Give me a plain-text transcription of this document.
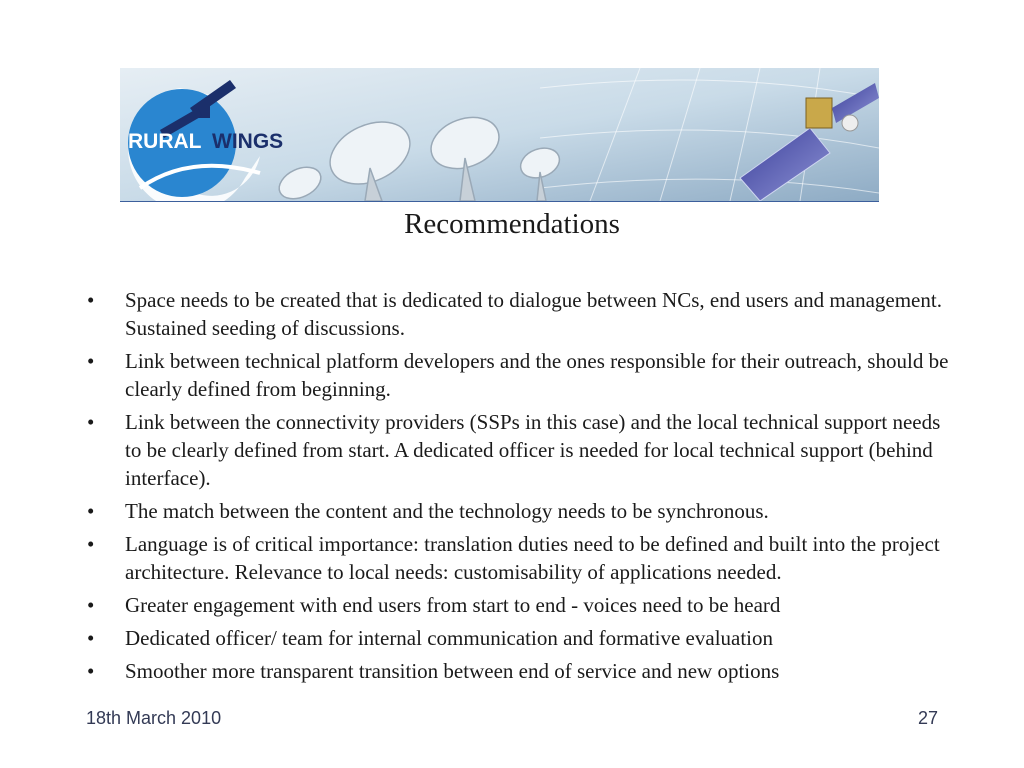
RURAL WINGS
Recommendations
•	Space needs to be created that is dedicated to dialogue between NCs, end users and management. Sustained seeding of discussions.
•	Link between technical platform developers and the ones responsible for their outreach, should be clearly defined from beginning.
•	Link between the connectivity providers (SSPs in this case) and the local technical support needs to be clearly defined from start. A dedicated officer is needed for local technical support (behind interface).
•	The match between the content and the technology needs to be synchronous.
•	Language is of critical importance: translation duties need to be defined and built into the project architecture. Relevance to local needs: customisability of applications needed.
•	Greater engagement with end users from start to end - voices need to be heard
•	Dedicated officer/ team for internal communication and formative evaluation
•	Smoother more transparent transition between end of service and new options
18th March 2010	27
